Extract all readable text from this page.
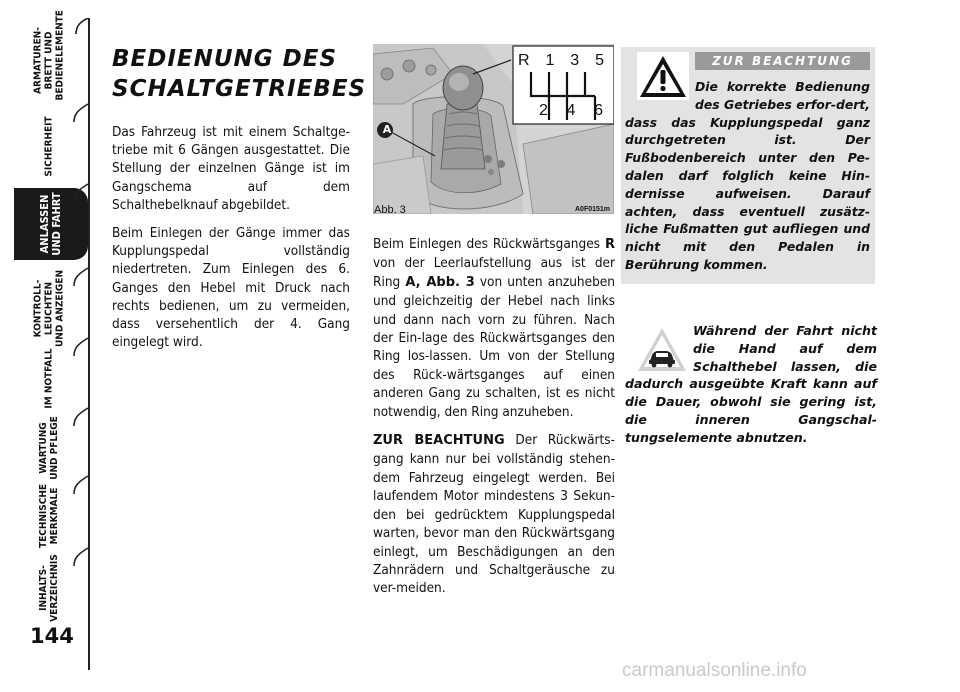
ARMATUREN-
BRETT UND
BEDIENELEMENTE
SICHERHEIT
ANLASSEN
UND FAHRT
KONTROLL-
LEUCHTEN
UND ANZEIGEN
IM NOTFALL
WARTUNG
UND PFLEGE
TECHNISCHE
MERKMALE
INHALTS-
VERZEICHNIS
144
BEDIENUNG DES
SCHALTGETRIEBES

Das Fahrzeug ist mit einem Schaltge-triebe mit 6 Gängen ausgestattet. Die Stellung der einzelnen Gänge ist im Gangschema auf dem Schalthebelknauf abgebildet.

Beim Einlegen der Gänge immer das Kupplungspedal vollständig niedertreten. Zum Einlegen des 6. Ganges den Hebel mit Druck nach rechts bedienen, um zu vermeiden, dass versehentlich der 4. Gang eingelegt wird.

A
R 1 3 5
2 4 6
Abb. 3	A0F0151m

Beim Einlegen des Rückwärtsganges R von der Leerlaufstellung aus ist der Ring A, Abb. 3 von unten anzuheben und gleichzeitig der Hebel nach links und dann nach vorn zu führen. Nach der Ein-lage des Rückwärtsganges den Ring los-lassen. Um von der Stellung des Rück-wärtsganges auf einen anderen Gang zu schalten, ist es nicht notwendig, den Ring anzuheben.

ZUR BEACHTUNG Der Rückwärts-gang kann nur bei vollständig stehen-dem Fahrzeug eingelegt werden. Bei laufendem Motor mindestens 3 Sekun-den bei gedrücktem Kupplungspedal warten, bevor man den Rückwärtsgang einlegt, um Beschädigungen an den Zahnrädern und Schaltgeräusche zu ver-meiden.

ZUR BEACHTUNG
Die korrekte Bedienung des Getriebes erfor-dert, dass das Kupplungspedal ganz durchgetreten ist. Der Fußbodenbereich unter den Pe-dalen darf folglich keine Hin-dernisse aufweisen. Darauf achten, dass eventuell zusätz-liche Fußmatten gut aufliegen und nicht mit den Pedalen in Berührung kommen.
Während der Fahrt nicht die Hand auf dem Schalthebel lassen, die dadurch ausgeübte Kraft kann auf die Dauer, obwohl sie gering ist, die inneren Gangschal-tungselemente abnutzen.
carmanualsonline.info
